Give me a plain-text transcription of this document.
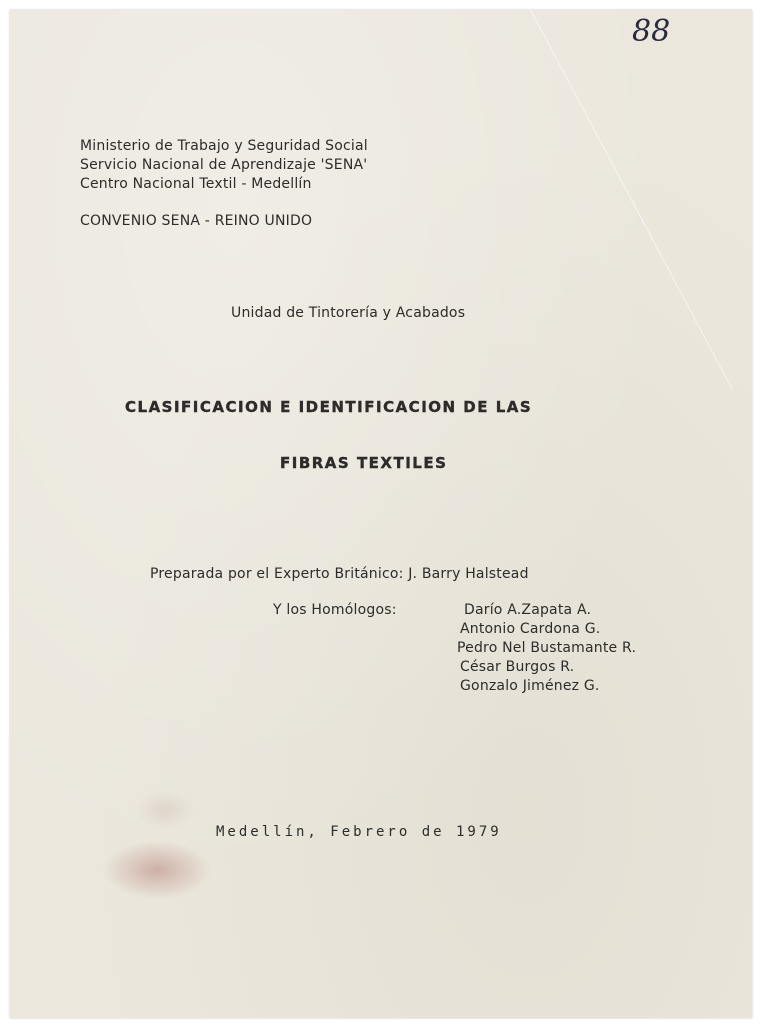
88
Ministerio de Trabajo y Seguridad Social
Servicio Nacional de Aprendizaje 'SENA'
Centro Nacional Textil - Medellín
CONVENIO SENA - REINO UNIDO
Unidad de Tintorería y Acabados
CLASIFICACION E IDENTIFICACION DE LAS
FIBRAS TEXTILES
Preparada por el Experto Británico: J. Barry Halstead
Y los Homólogos:	Darío A.Zapata A.
Antonio Cardona G.
Pedro Nel Bustamante R.
César Burgos R.
Gonzalo Jiménez G.
Medellín, Febrero de 1979
